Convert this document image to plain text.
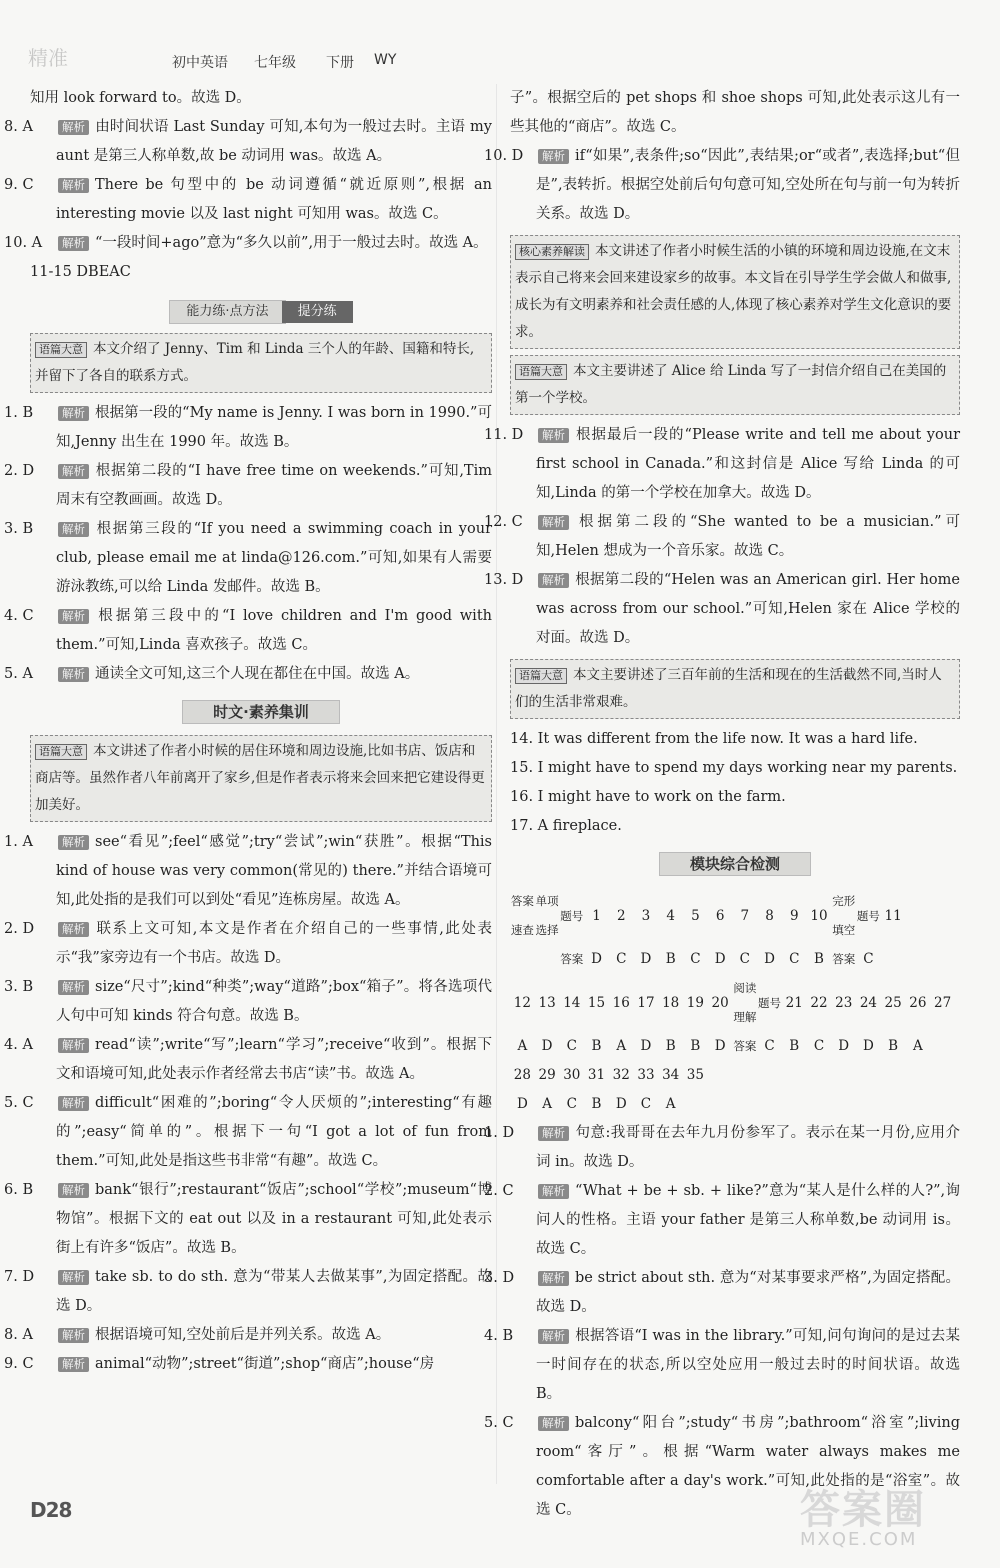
精准	初中英语 七年级 下册 WY
知用 look forward to。故选 D。
8. A	解析 由时间状语 Last Sunday 可知,本句为一般过去时。主语 my aunt 是第三人称单数,故 be 动词用 was。故选 A。
9. C 解析 There be 句型中的 be 动词遵循“就近原则”,根据 an interesting movie 以及 last night 可知用 was。故选 C。
10. A 解析 “一段时间+ago”意为“多久以前”,用于一般过去时。故选 A。
11-15 DBEAC
能力练·点方法 提分练
语篇大意 本文介绍了 Jenny、Tim 和 Linda 三个人的年龄、国籍和特长,并留下了各自的联系方式。
1. B	解析 根据第一段的“My name is Jenny. I was born in 1990.”可知,Jenny 出生在 1990 年。故选 B。
2. D 解析 根据第二段的“I have free time on weekends.”可知,Tim 周末有空教画画。故选 D。
3. B	解析 根据第三段的“If you need a swimming coach in your club, please email me at linda@126.com.”可知,如果有人需要游泳教练,可以给 Linda 发邮件。故选 B。
4. C 解析 根据第三段中的“I love children and I'm good with them.”可知,Linda 喜欢孩子。故选 C。
5. A	解析 通读全文可知,这三个人现在都住在中国。故选 A。
时文·素养集训
语篇大意 本文讲述了作者小时候的居住环境和周边设施,比如书店、饭店和商店等。虽然作者八年前离开了家乡,但是作者表示将来会回来把它建设得更加美好。
1. A	解析 see“看见”;feel“感觉”;try“尝试”;win“获胜”。根据“This kind of house was very common(常见的) there.”并结合语境可知,此处指的是我们可以到处“看见”连栋房屋。故选 A。
2. D 解析 联系上文可知,本文是作者在介绍自己的一些事情,此处表示“我”家旁边有一个书店。故选 D。
3. B	解析 size“尺寸”;kind“种类”;way“道路”;box“箱子”。将各选项代人句中可知 kinds 符合句意。故选 B。
4. A	解析 read“读”;write“写”;learn“学习”;receive“收到”。根据下文和语境可知,此处表示作者经常去书店“读”书。故选 A。
5. C 解析 difficult“困难的”;boring“令人厌烦的”;interesting“有趣的”;easy“简单的”。根据下一句“I got a lot of fun from them.”可知,此处是指这些书非常“有趣”。故选 C。
6. B	解析 bank“银行”;restaurant“饭店”;school“学校”;museum“博物馆”。根据下文的 eat out 以及 in a restaurant 可知,此处表示街上有许多“饭店”。故选 B。
7. D 解析 take sb. to do sth. 意为“带某人去做某事”,为固定搭配。故选 D。
8. A	解析 根据语境可知,空处前后是并列关系。故选 A。
9. C 解析 animal“动物”;street“街道”;shop“商店”;house“房
子”。根据空后的 pet shops 和 shoe shops 可知,此处表示这儿有一些其他的“商店”。故选 C。
10. D 解析 if“如果”,表条件;so“因此”,表结果;or“或者”,表选择;but“但是”,表转折。根据空处前后句句意可知,空处所在句与前一句为转折关系。故选 D。
核心素养解读 本文讲述了作者小时候生活的小镇的环境和周边设施,在文末表示自己将来会回来建设家乡的故事。本文旨在引导学生学会做人和做事,成长为有文明素养和社会责任感的人,体现了核心素养对学生文化意识的要求。
语篇大意 本文主要讲述了 Alice 给 Linda 写了一封信介绍自己在美国的第一个学校。
11. D 解析 根据最后一段的“Please write and tell me about your first school in Canada.”和这封信是 Alice 写给 Linda 的可知,Linda 的第一个学校在加拿大。故选 D。
12. C 解析 根据第二段的“She wanted to be a musician.”可知,Helen 想成为一个音乐家。故选 C。
13. D 解析 根据第二段的“Helen was an American girl. Her home was across from our school.”可知,Helen 家在 Alice 学校的对面。故选 D。
语篇大意 本文主要讲述了三百年前的生活和现在的生活截然不同,当时人们的生活非常艰难。
14. It was different from the life now. It was a hard life.
15. I might have to spend my days working near my parents.
16. I might have to work on the farm.
17. A fireplace.
模块综合检测
答案速查	单项选择	题号	1	2	3	4	5	6	7	8	9	10	完形填空	题号	11		
		答案	D	C	D	B	C	D	C	D	C	B	答案	C			
12	13	14	15	16	17	18	19	20	阅读理解	题号	21	22	23	24	25	26	27
A	D	C	B	A	D	B	B	D	答案	C	B	C	D	D	B	A	
28	29	30	31	32	33	34	35										
D	A	C	B	D	C	A											
1. D 解析 句意:我哥哥在去年九月份参军了。表示在某一月份,应用介词 in。故选 D。
2. C 解析 “What + be + sb. + like?”意为“某人是什么样的人?”,询问人的性格。主语 your father 是第三人称单数,be 动词用 is。故选 C。
3. D 解析 be strict about sth. 意为“对某事要求严格”,为固定搭配。故选 D。
4. B	解析 根据答语“I was in the library.”可知,问句询问的是过去某一时间存在的状态,所以空处应用一般过去时的时间状语。故选 B。
5. C 解析 balcony“阳台”;study“书房”;bathroom“浴室”;living room“客厅”。根据“Warm water always makes me comfortable after a day's work.”可知,此处指的是“浴室”。故选 C。
D28	答案圈
MXQE.COM
